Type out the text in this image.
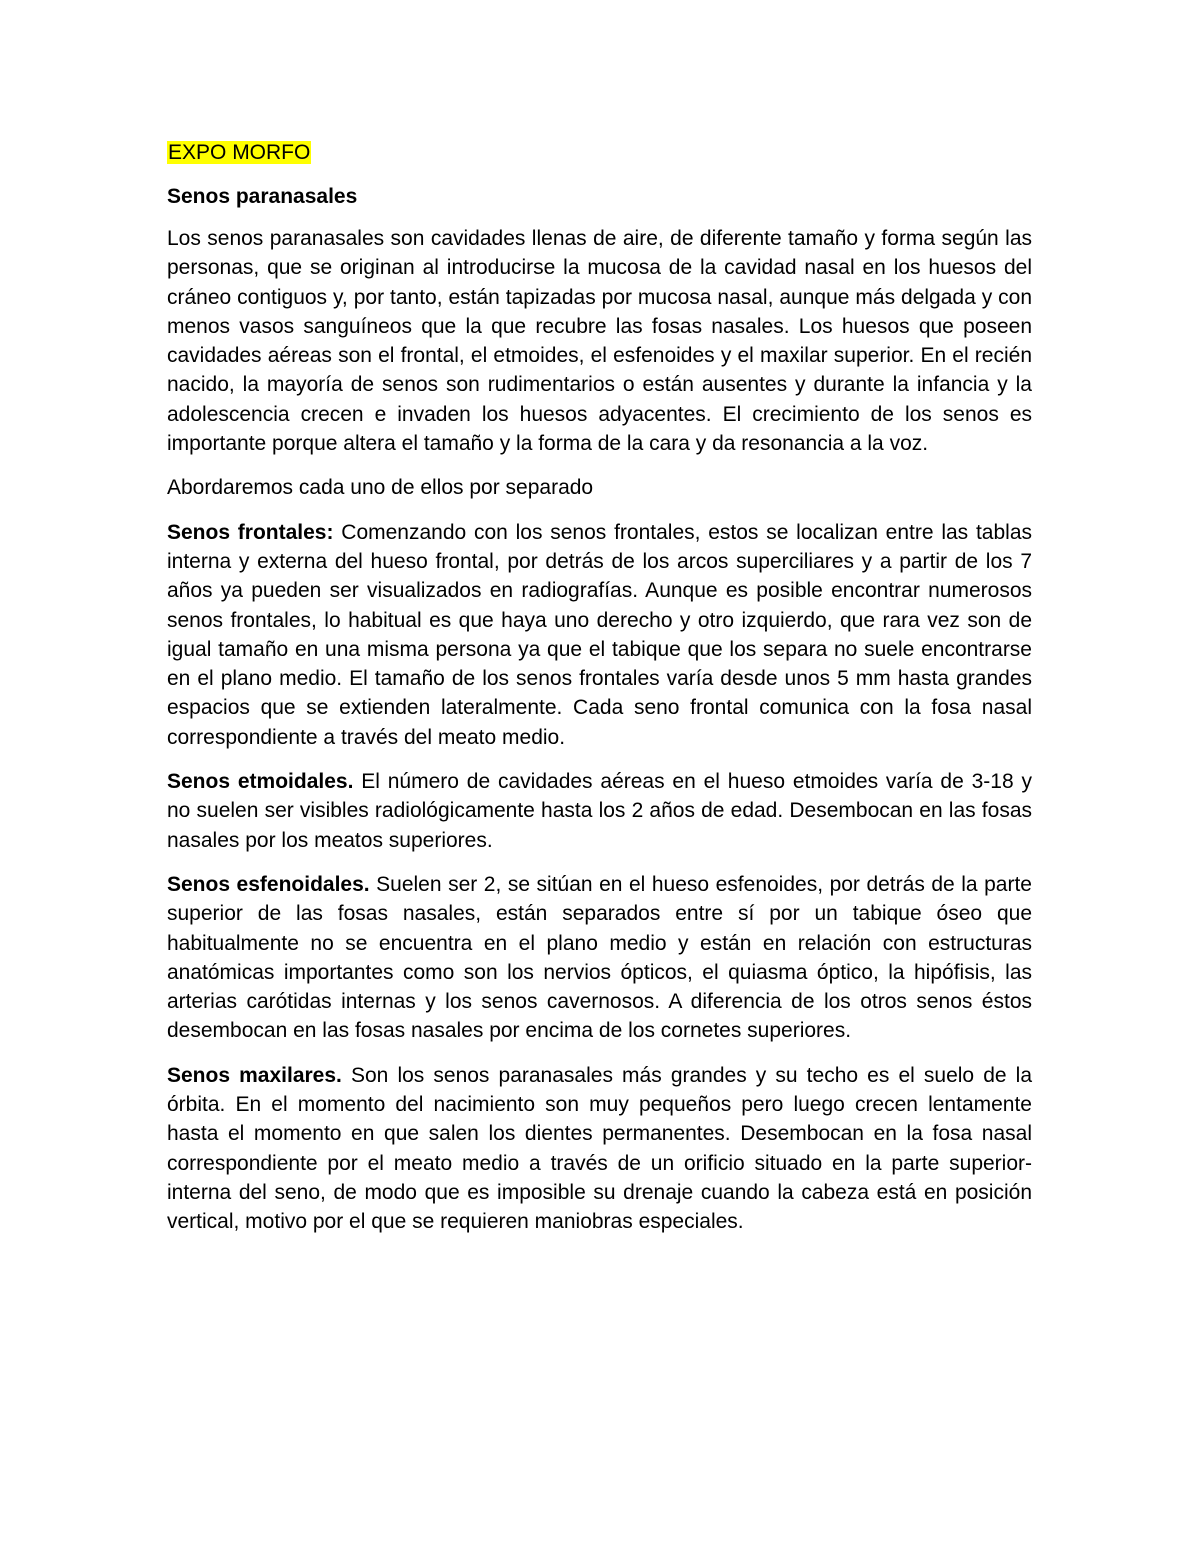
EXPO MORFO
Senos paranasales

Los senos paranasales son cavidades llenas de aire, de diferente tamaño y forma según las personas, que se originan al introducirse la mucosa de la cavidad nasal en los huesos del cráneo contiguos y, por tanto, están tapizadas por mucosa nasal, aunque más delgada y con menos vasos sanguíneos que la que recubre las fosas nasales. Los huesos que poseen cavidades aéreas son el frontal, el etmoides, el esfenoides y el maxilar superior. En el recién nacido, la mayoría de senos son rudimentarios o están ausentes y durante la infancia y la adolescencia crecen e invaden los huesos adyacentes. El crecimiento de los senos es importante porque altera el tamaño y la forma de la cara y da resonancia a la voz.

Abordaremos cada uno de ellos por separado

Senos frontales: Comenzando con los senos frontales, estos se localizan entre las tablas interna y externa del hueso frontal, por detrás de los arcos superciliares y a partir de los 7 años ya pueden ser visualizados en radiografías. Aunque es posible encontrar numerosos senos frontales, lo habitual es que haya uno derecho y otro izquierdo, que rara vez son de igual tamaño en una misma persona ya que el tabique que los separa no suele encontrarse en el plano medio. El tamaño de los senos frontales varía desde unos 5 mm hasta grandes espacios que se extienden lateralmente. Cada seno frontal comunica con la fosa nasal correspondiente a través del meato medio.

Senos etmoidales. El número de cavidades aéreas en el hueso etmoides varía de 3-18 y no suelen ser visibles radiológicamente hasta los 2 años de edad. Desembocan en las fosas nasales por los meatos superiores.

Senos esfenoidales. Suelen ser 2, se sitúan en el hueso esfenoides, por detrás de la parte superior de las fosas nasales, están separados entre sí por un tabique óseo que habitualmente no se encuentra en el plano medio y están en relación con estructuras anatómicas importantes como son los nervios ópticos, el quiasma óptico, la hipófisis, las arterias carótidas internas y los senos cavernosos. A diferencia de los otros senos éstos desembocan en las fosas nasales por encima de los cornetes superiores.

Senos maxilares. Son los senos paranasales más grandes y su techo es el suelo de la órbita. En el momento del nacimiento son muy pequeños pero luego crecen lentamente hasta el momento en que salen los dientes permanentes. Desembocan en la fosa nasal correspondiente por el meato medio a través de un orificio situado en la parte superior-interna del seno, de modo que es imposible su drenaje cuando la cabeza está en posición vertical, motivo por el que se requieren maniobras especiales.
